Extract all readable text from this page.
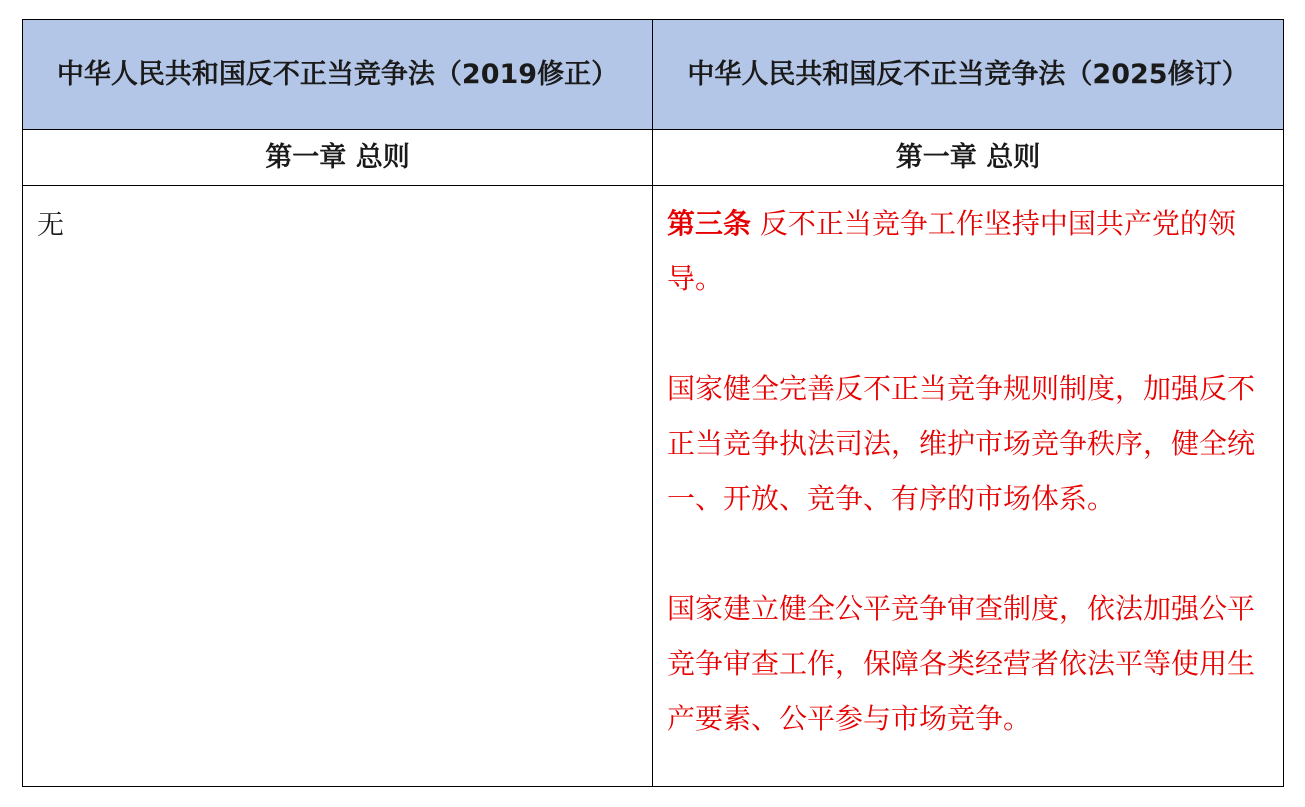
中华人民共和国反不正当竞争法（2019修正）	中华人民共和国反不正当竞争法（2025修订）

第一章 总则	第一章 总则

无	第三条 反不正当竞争工作坚持中国共产党的领导。

国家健全完善反不正当竞争规则制度，加强反不正当竞争执法司法，维护市场竞争秩序，健全统一、开放、竞争、有序的市场体系。

国家建立健全公平竞争审查制度，依法加强公平竞争审查工作，保障各类经营者依法平等使用生产要素、公平参与市场竞争。
